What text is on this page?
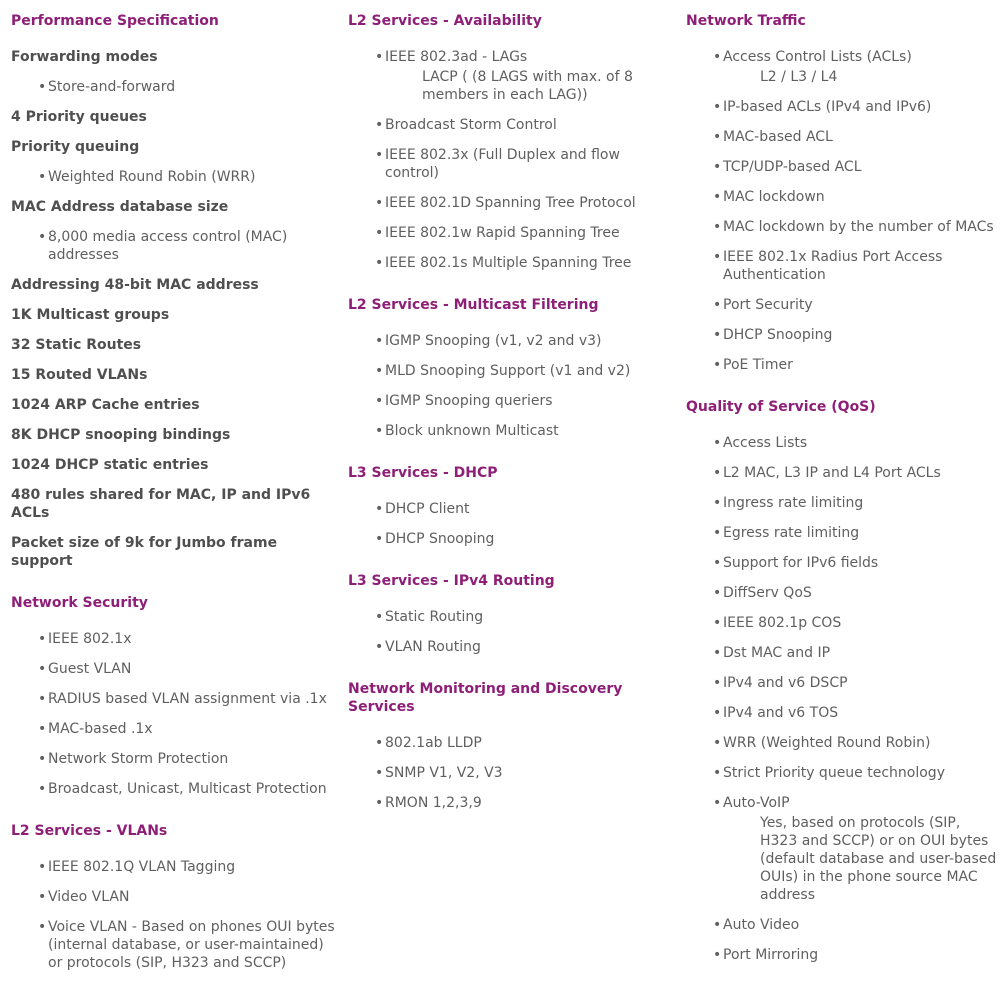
Performance Specification
Forwarding modes
• Store-and-forward
4 Priority queues
Priority queuing
• Weighted Round Robin (WRR)
MAC Address database size
• 8,000 media access control (MAC) addresses
Addressing 48-bit MAC address
1K Multicast groups
32 Static Routes
15 Routed VLANs
1024 ARP Cache entries
8K DHCP snooping bindings
1024 DHCP static entries
480 rules shared for MAC, IP and IPv6 ACLs
Packet size of 9k for Jumbo frame support
Network Security
• IEEE 802.1x
• Guest VLAN
• RADIUS based VLAN assignment via .1x
• MAC-based .1x
• Network Storm Protection
• Broadcast, Unicast, Multicast Protection
L2 Services - VLANs
• IEEE 802.1Q VLAN Tagging
• Video VLAN
• Voice VLAN - Based on phones OUI bytes (internal database, or user-maintained) or protocols (SIP, H323 and SCCP)
L2 Services - Availability
• IEEE 802.3ad - LAGs
LACP ( (8 LAGS with max. of 8 members in each LAG))
• Broadcast Storm Control
• IEEE 802.3x (Full Duplex and flow control)
• IEEE 802.1D Spanning Tree Protocol
• IEEE 802.1w Rapid Spanning Tree
• IEEE 802.1s Multiple Spanning Tree
L2 Services - Multicast Filtering
• IGMP Snooping (v1, v2 and v3)
• MLD Snooping Support (v1 and v2)
• IGMP Snooping queriers
• Block unknown Multicast
L3 Services - DHCP
• DHCP Client
• DHCP Snooping
L3 Services - IPv4 Routing
• Static Routing
• VLAN Routing
Network Monitoring and Discovery Services
• 802.1ab LLDP
• SNMP V1, V2, V3
• RMON 1,2,3,9
Network Traffic
• Access Control Lists (ACLs)
L2 / L3 / L4
• IP-based ACLs (IPv4 and IPv6)
• MAC-based ACL
• TCP/UDP-based ACL
• MAC lockdown
• MAC lockdown by the number of MACs
• IEEE 802.1x Radius Port Access Authentication
• Port Security
• DHCP Snooping
• PoE Timer
Quality of Service (QoS)
• Access Lists
• L2 MAC, L3 IP and L4 Port ACLs
• Ingress rate limiting
• Egress rate limiting
• Support for IPv6 fields
• DiffServ QoS
• IEEE 802.1p COS
• Dst MAC and IP
• IPv4 and v6 DSCP
• IPv4 and v6 TOS
• WRR (Weighted Round Robin)
• Strict Priority queue technology
• Auto-VoIP
Yes, based on protocols (SIP, H323 and SCCP) or on OUI bytes (default database and user-based OUIs) in the phone source MAC address
• Auto Video
• Port Mirroring
